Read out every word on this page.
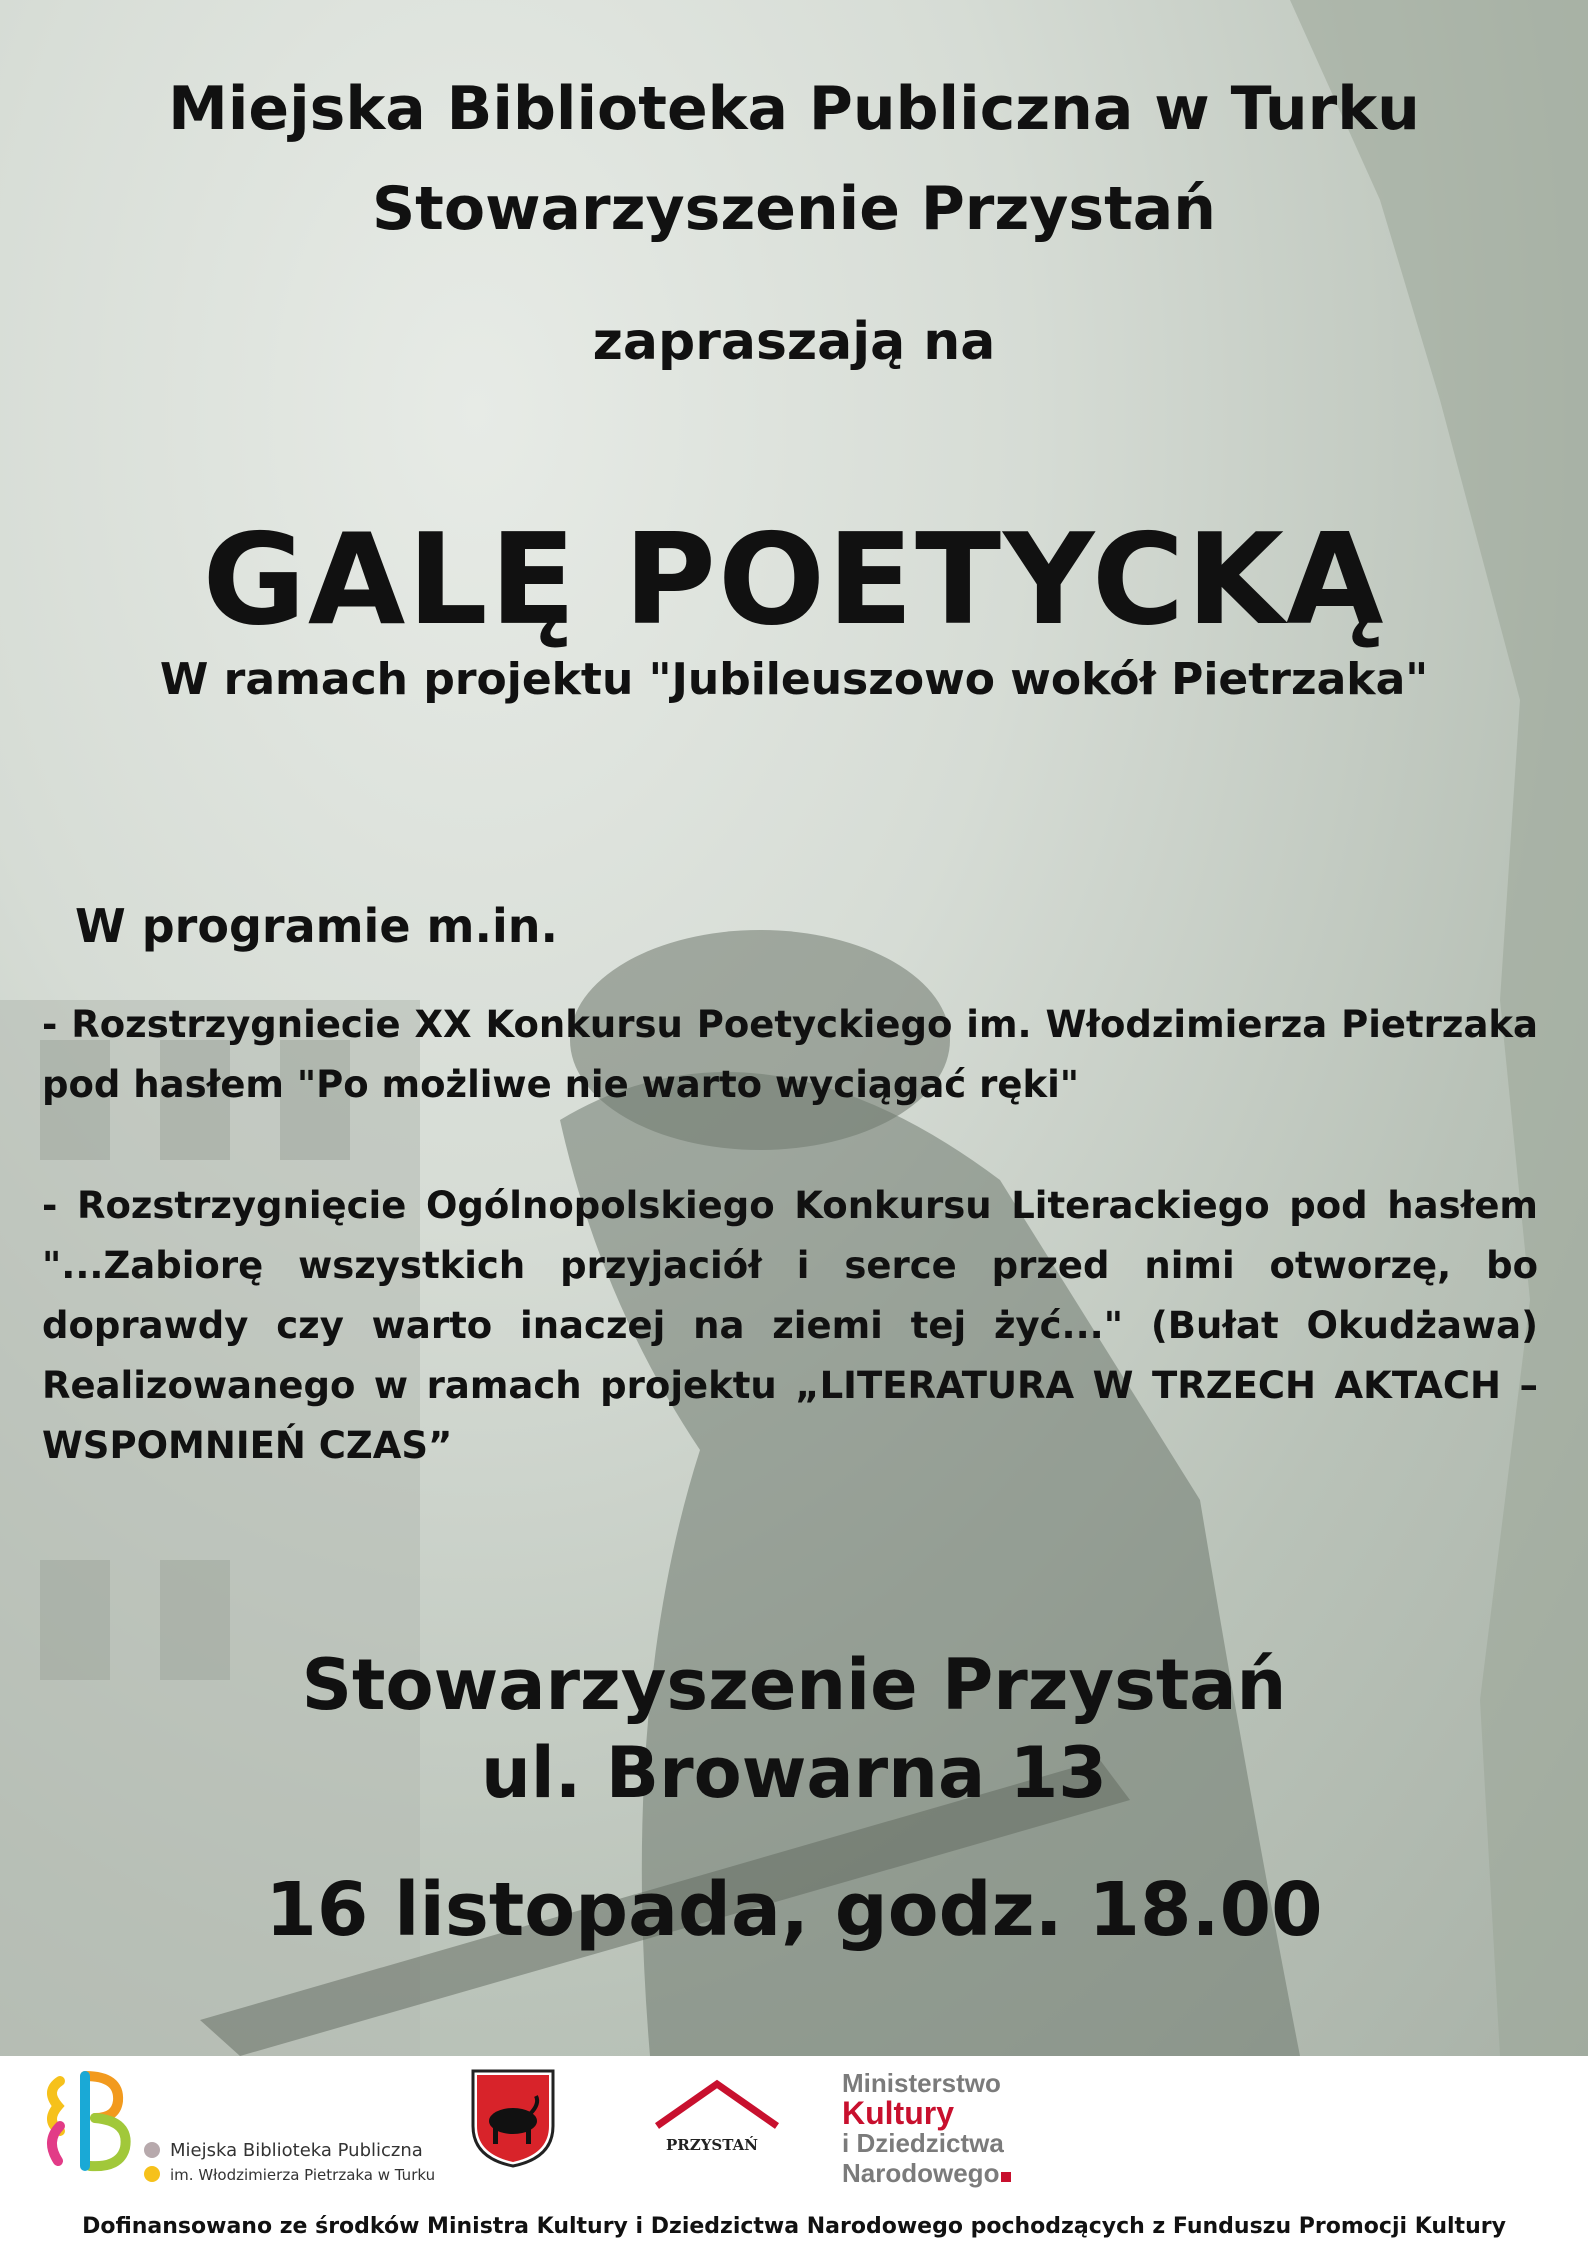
Miejska Biblioteka Publiczna w Turku
Stowarzyszenie Przystań

zapraszają na

GALĘ POETYCKĄ

W ramach projektu "Jubileuszowo wokół Pietrzaka"

W programie m.in.

- Rozstrzygniecie XX Konkursu Poetyckiego im. Włodzimierza Pietrzaka pod hasłem "Po możliwe nie warto wyciągać ręki"

- Rozstrzygnięcie Ogólnopolskiego Konkursu Literackiego pod hasłem "...Zabiorę wszystkich przyjaciół i serce przed nimi otworzę, bo doprawdy czy warto inaczej na ziemi tej żyć..." (Bułat Okudżawa) Realizowanego w ramach projektu „LITERATURA W TRZECH AKTACH – WSPOMNIEŃ CZAS”

Stowarzyszenie Przystań

ul. Browarna 13

16 listopada, godz. 18.00

Miejska Biblioteka Publiczna
im. Włodzimierza Pietrzaka w Turku
PRZYSTAŃ
Ministerstwo
Kultury
i Dziedzictwa
Narodowego
Dofinansowano ze środków Ministra Kultury i Dziedzictwa Narodowego pochodzących z Funduszu Promocji Kultury
